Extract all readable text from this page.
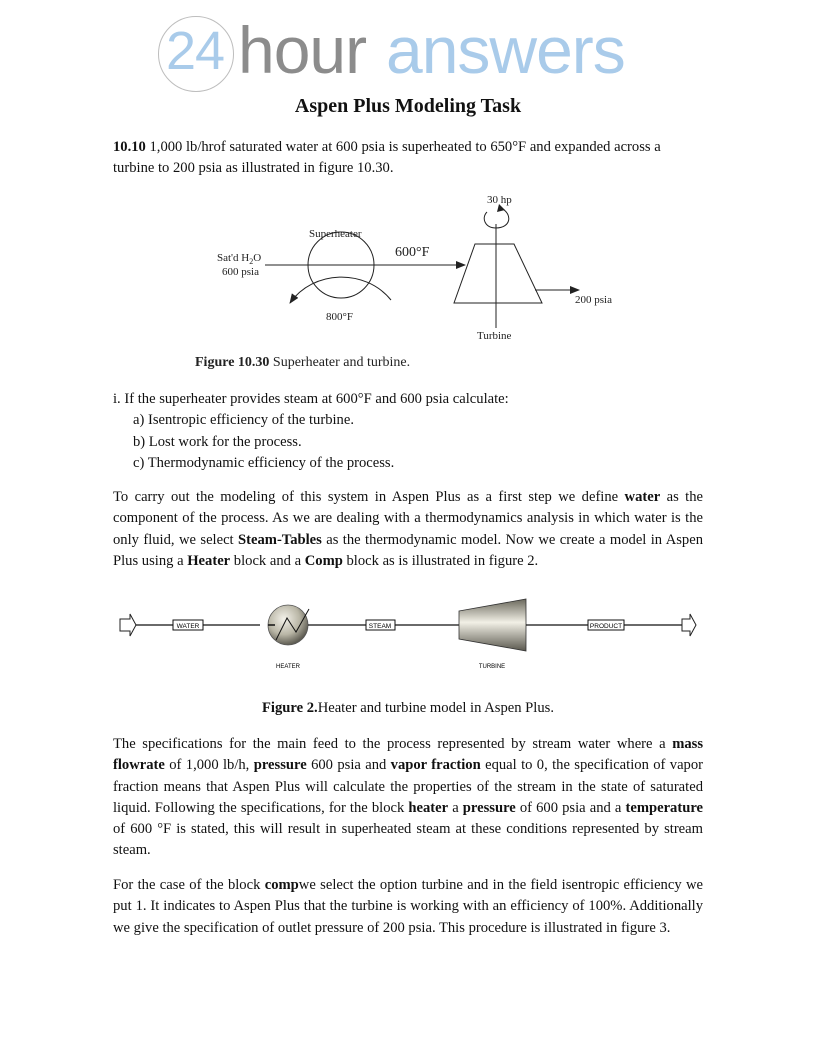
24 hour answers
Aspen Plus Modeling Task
10.10 1,000 lb/hrof saturated water at 600 psia is superheated to 650°F and expanded across a turbine to 200 psia as illustrated in figure 10.30.
Sat'd $H_2O$
600 psia
Superheater
800°F
600°F
30 hp
200 psia
Turbine
Figure 10.30 Superheater and turbine.
i. If the superheater provides steam at 600°F and 600 psia calculate:
a) Isentropic efficiency of the turbine.
b) Lost work for the process.
c) Thermodynamic efficiency of the process.
To carry out the modeling of this system in Aspen Plus as a first step we define water as the component of the process. As we are dealing with a thermodynamics analysis in which water is the only fluid, we select Steam-Tables as the thermodynamic model. Now we create a model in Aspen Plus using a Heater block and a Comp block as is illustrated in figure 2.
WATER
HEATER
STEAM
TURBINE
PRODUCT
Figure 2.Heater and turbine model in Aspen Plus.
The specifications for the main feed to the process represented by stream water where a mass flowrate of 1,000 lb/h, pressure 600 psia and vapor fraction equal to 0, the specification of vapor fraction means that Aspen Plus will calculate the properties of the stream in the state of saturated liquid. Following the specifications, for the block heater a pressure of 600 psia and a temperature of 600 °F is stated, this will result in superheated steam at these conditions represented by stream steam.
For the case of the block compwe select the option turbine and in the field isentropic efficiency we put 1. It indicates to Aspen Plus that the turbine is working with an efficiency of 100%. Additionally we give the specification of outlet pressure of 200 psia. This procedure is illustrated in figure 3.
